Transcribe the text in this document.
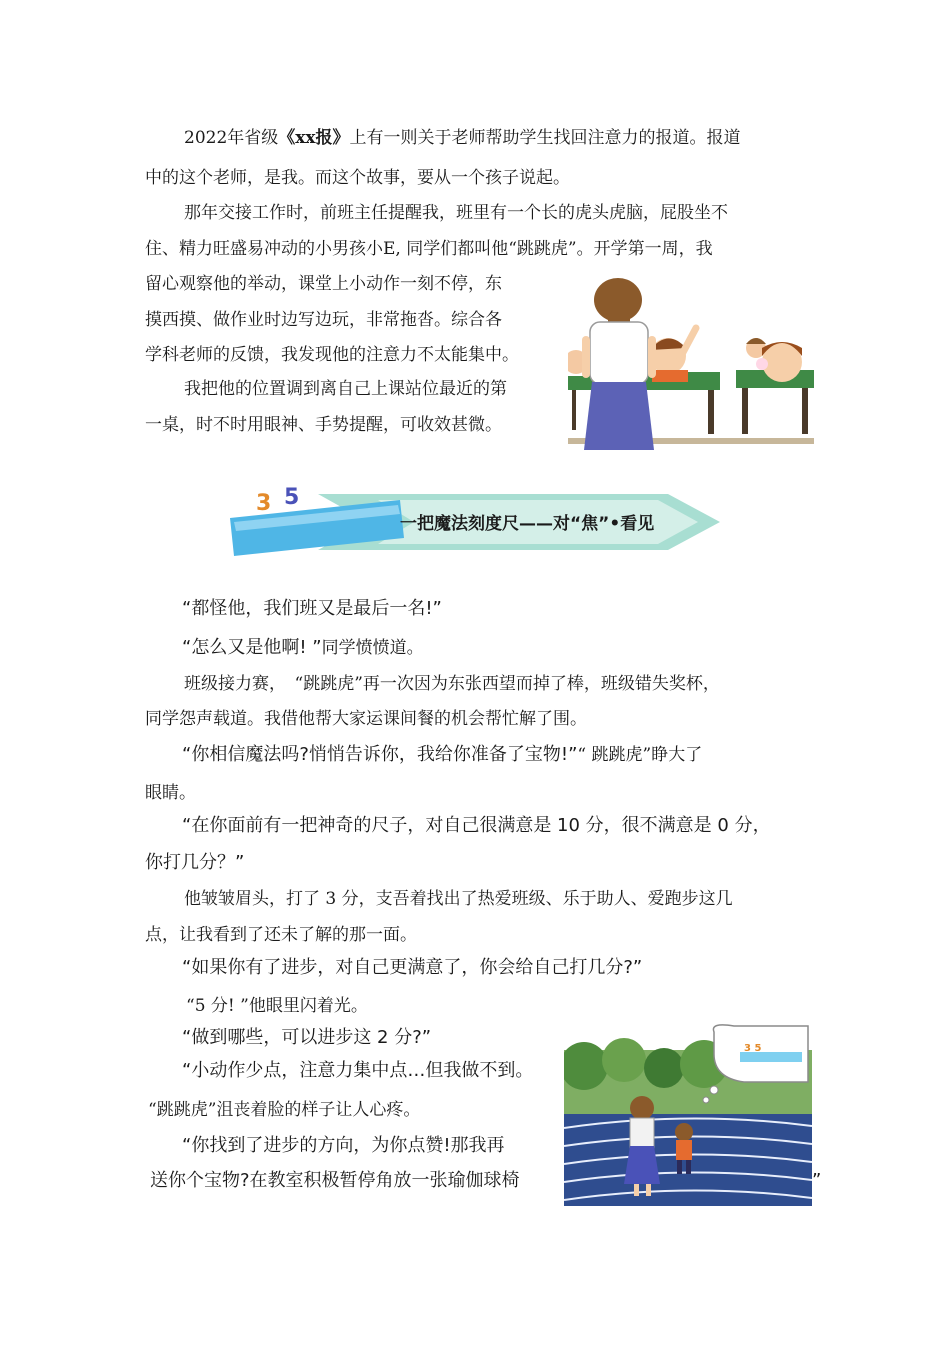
2022年省级《xx报》上有一则关于老师帮助学生找回注意力的报道。报道
中的这个老师，是我。而这个故事，要从一个孩子说起。
那年交接工作时，前班主任提醒我，班里有一个长的虎头虎脑，屁股坐不
住、精力旺盛易冲动的小男孩小E, 同学们都叫他“跳跳虎”。开学第一周，我
留心观察他的举动，课堂上小动作一刻不停，东
摸西摸、做作业时边写边玩，非常拖沓。综合各
学科老师的反馈，我发现他的注意力不太能集中。
我把他的位置调到离自己上课站位最近的第
一桌，时不时用眼神、手势提醒，可收效甚微。
3 5
一把魔法刻度尺——对“焦”•看见
“都怪他，我们班又是最后一名!”
“怎么又是他啊! ”同学愤愤道。
班级接力赛，　“跳跳虎”再一次因为东张西望而掉了棒，班级错失奖杯，
同学怨声载道。我借他帮大家运课间餐的机会帮忙解了围。
“你相信魔法吗?悄悄告诉你，我给你准备了宝物!”“ 跳跳虎”睁大了
眼睛。
“在你面前有一把神奇的尺子，对自己很满意是 10 分，很不满意是 0 分，
你打几分？”
他皱皱眉头，打了 3 分，支吾着找出了热爱班级、乐于助人、爱跑步这几
点，让我看到了还未了解的那一面。
“如果你有了进步，对自己更满意了，你会给自己打几分?”
“5 分! ”他眼里闪着光。
“做到哪些，可以进步这 2 分?”
“小动作少点，注意力集中点…但我做不到。
“跳跳虎”沮丧着脸的样子让人心疼。
“你找到了进步的方向，为你点赞!那我再
送你个宝物?在教室积极暂停角放一张瑜伽球椅	”
3 5
